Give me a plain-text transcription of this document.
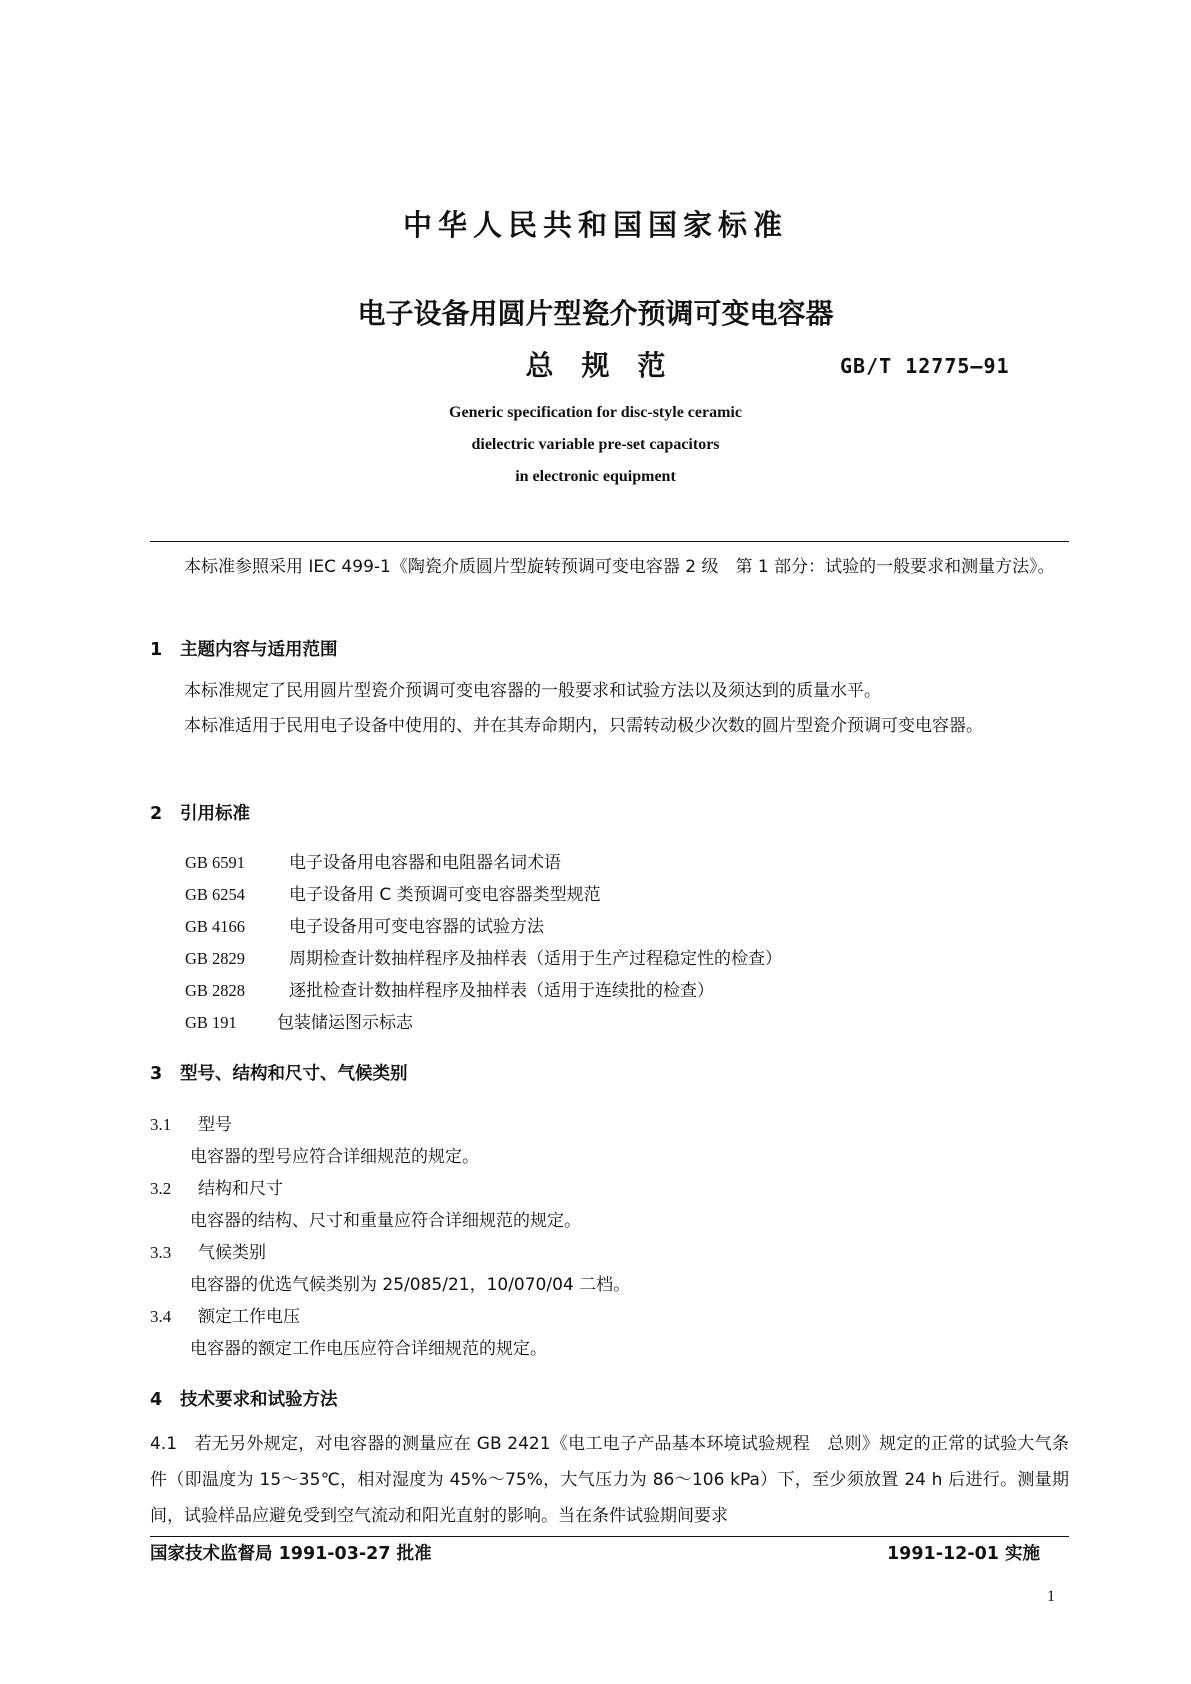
中华人民共和国国家标准
电子设备用圆片型瓷介预调可变电容器
总规范	GB/T 12775—91
Generic specification for disc-style ceramic
dielectric variable pre-set capacitors
in electronic equipment
本标准参照采用 IEC 499-1《陶瓷介质圆片型旋转预调可变电容器 2 级　第 1 部分：试验的一般要求和测量方法》。
1 主题内容与适用范围
本标准规定了民用圆片型瓷介预调可变电容器的一般要求和试验方法以及须达到的质量水平。
本标准适用于民用电子设备中使用的、并在其寿命期内，只需转动极少次数的圆片型瓷介预调可变电容器。
2 引用标准
GB 6591	电子设备用电容器和电阻器名词术语
GB 6254	电子设备用 C 类预调可变电容器类型规范
GB 4166	电子设备用可变电容器的试验方法
GB 2829	周期检查计数抽样程序及抽样表（适用于生产过程稳定性的检查）
GB 2828	逐批检查计数抽样程序及抽样表（适用于连续批的检查）
GB 191 包装储运图示标志
3 型号、结构和尺寸、气候类别
3.1 型号
电容器的型号应符合详细规范的规定。
3.2 结构和尺寸
电容器的结构、尺寸和重量应符合详细规范的规定。
3.3 气候类别
电容器的优选气候类别为 25/085/21，10/070/04 二档。
3.4 额定工作电压
电容器的额定工作电压应符合详细规范的规定。
4 技术要求和试验方法
4.1　若无另外规定，对电容器的测量应在 GB 2421《电工电子产品基本环境试验规程　总则》规定的正常的试验大气条件（即温度为 15～35℃，相对湿度为 45%～75%，大气压力为 86～106 kPa）下，至少须放置 24 h 后进行。测量期间，试验样品应避免受到空气流动和阳光直射的影响。当在条件试验期间要求
国家技术监督局 1991-03-27 批准	1991-12-01 实施
1
